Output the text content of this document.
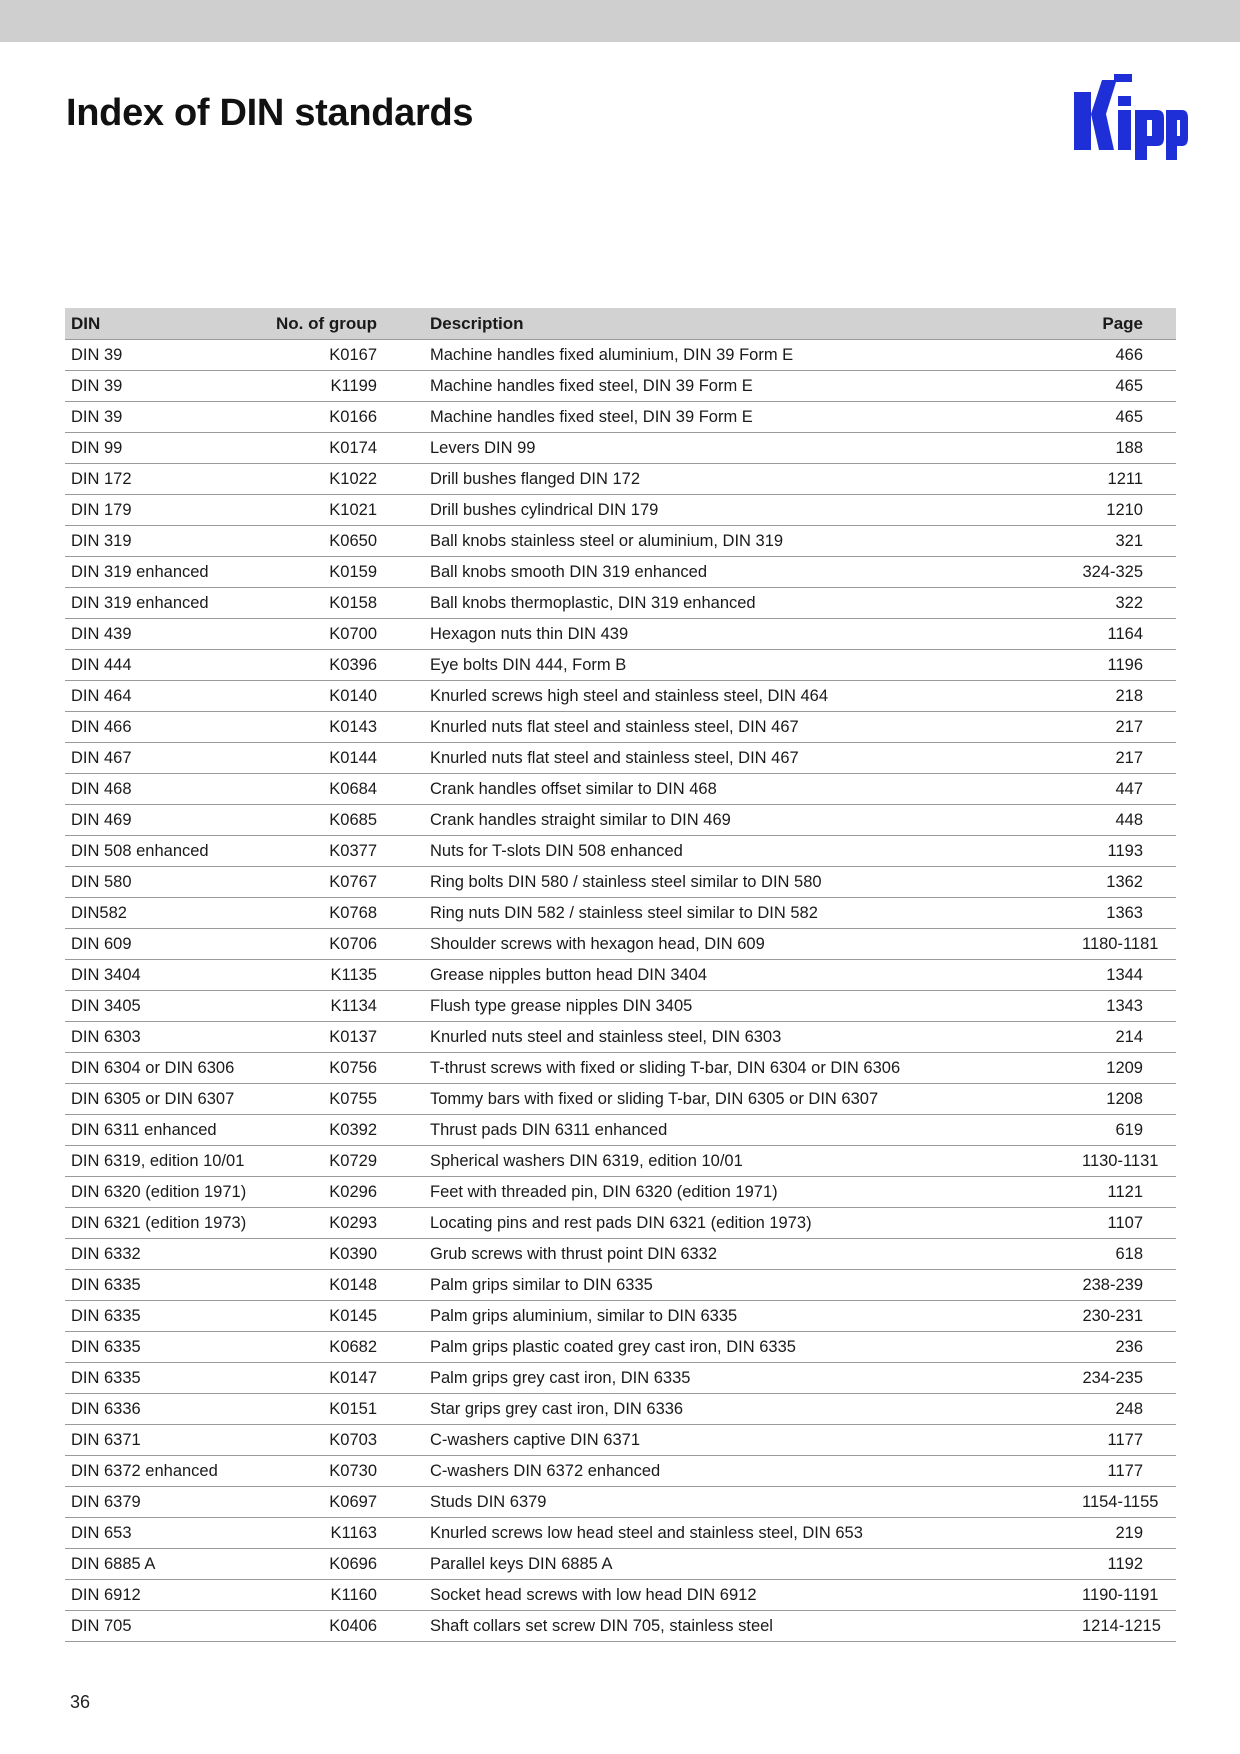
Index of DIN standards
DIN	No. of group	Description	Page
DIN 39	K0167	Machine handles fixed aluminium, DIN 39 Form E	466
DIN 39	K1199	Machine handles fixed steel, DIN 39 Form E	465
DIN 39	K0166	Machine handles fixed steel, DIN 39 Form E	465
DIN 99	K0174	Levers DIN 99	188
DIN 172	K1022	Drill bushes flanged DIN 172	1211
DIN 179	K1021	Drill bushes cylindrical DIN 179	1210
DIN 319	K0650	Ball knobs stainless steel or aluminium, DIN 319	321
DIN 319 enhanced	K0159	Ball knobs smooth DIN 319 enhanced	324-325
DIN 319 enhanced	K0158	Ball knobs thermoplastic, DIN 319 enhanced	322
DIN 439	K0700	Hexagon nuts thin DIN 439	1164
DIN 444	K0396	Eye bolts DIN 444, Form B	1196
DIN 464	K0140	Knurled screws high steel and stainless steel, DIN 464	218
DIN 466	K0143	Knurled nuts flat steel and stainless steel, DIN 467	217
DIN 467	K0144	Knurled nuts flat steel and stainless steel, DIN 467	217
DIN 468	K0684	Crank handles offset similar to DIN 468	447
DIN 469	K0685	Crank handles straight similar to DIN 469	448
DIN 508 enhanced	K0377	Nuts for T-slots DIN 508 enhanced	1193
DIN 580	K0767	Ring bolts DIN 580 / stainless steel similar to DIN 580	1362
DIN582	K0768	Ring nuts DIN 582 / stainless steel similar to DIN 582	1363
DIN 609	K0706	Shoulder screws with hexagon head, DIN 609	1180-1181
DIN 3404	K1135	Grease nipples button head DIN 3404	1344
DIN 3405	K1134	Flush type grease nipples DIN 3405	1343
DIN 6303	K0137	Knurled nuts steel and stainless steel, DIN 6303	214
DIN 6304 or DIN 6306	K0756	T-thrust screws with fixed or sliding T-bar, DIN 6304 or DIN 6306	1209
DIN 6305 or DIN 6307	K0755	Tommy bars with fixed or sliding T-bar, DIN 6305 or DIN 6307	1208
DIN 6311 enhanced	K0392	Thrust pads DIN 6311 enhanced	619
DIN 6319, edition 10/01	K0729	Spherical washers DIN 6319, edition 10/01	1130-1131
DIN 6320 (edition 1971)	K0296	Feet with threaded pin, DIN 6320 (edition 1971)	1121
DIN 6321 (edition 1973)	K0293	Locating pins and rest pads DIN 6321 (edition 1973)	1107
DIN 6332	K0390	Grub screws with thrust point DIN 6332	618
DIN 6335	K0148	Palm grips similar to DIN 6335	238-239
DIN 6335	K0145	Palm grips aluminium, similar to DIN 6335	230-231
DIN 6335	K0682	Palm grips plastic coated grey cast iron, DIN 6335	236
DIN 6335	K0147	Palm grips grey cast iron, DIN 6335	234-235
DIN 6336	K0151	Star grips grey cast iron, DIN 6336	248
DIN 6371	K0703	C-washers captive DIN 6371	1177
DIN 6372 enhanced	K0730	C-washers DIN 6372 enhanced	1177
DIN 6379	K0697	Studs DIN 6379	1154-1155
DIN 653	K1163	Knurled screws low head steel and stainless steel, DIN 653	219
DIN 6885 A	K0696	Parallel keys DIN 6885 A	1192
DIN 6912	K1160	Socket head screws with low head DIN 6912	1190-1191
DIN 705	K0406	Shaft collars set screw DIN 705, stainless steel	1214-1215
36
